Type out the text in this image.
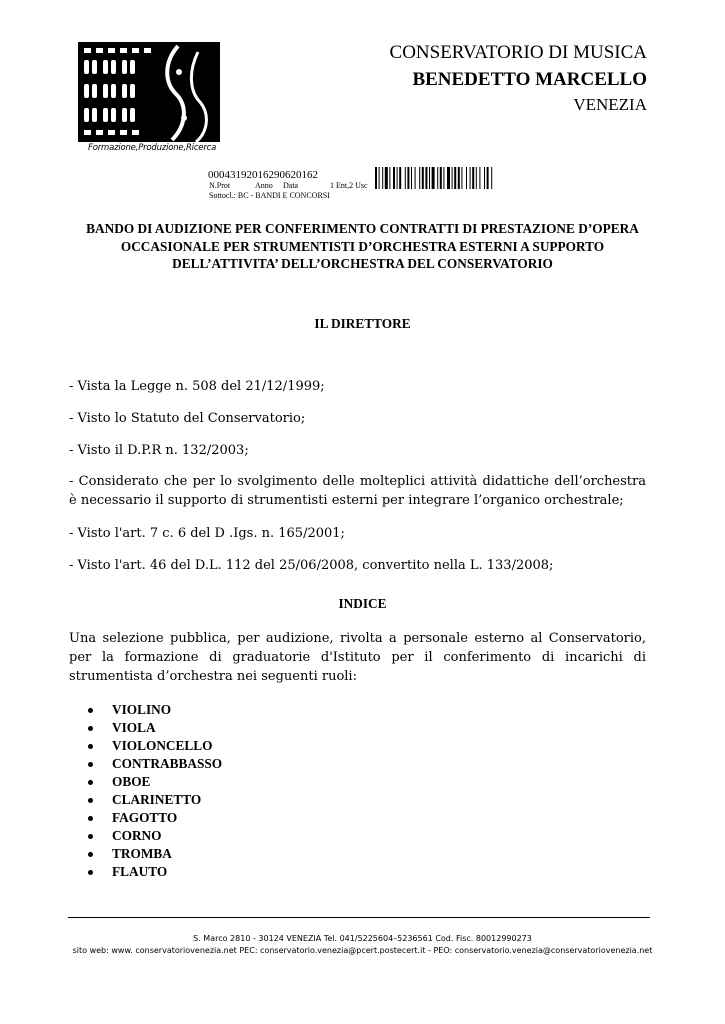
Formazione,Produzione,Ricerca
CONSERVATORIO DI MUSICA
BENEDETTO MARCELLO
VENEZIA
0004319201629062016​2
N.Prot	Anno Data	1 Ent,2 Usc
Sottocl.: BC - BANDI E CONCORSI
BANDO DI AUDIZIONE PER CONFERIMENTO CONTRATTI DI PRESTAZIONE D’OPERA
OCCASIONALE PER STRUMENTISTI D’ORCHESTRA ESTERNI A SUPPORTO
DELL’ATTIVITA’ DELL’ORCHESTRA DEL CONSERVATORIO
IL DIRETTORE
- Vista la Legge n. 508 del 21/12/1999;
- Visto lo Statuto del Conservatorio;
- Visto il D.P.R n. 132/2003;
- Considerato che per lo svolgimento delle molteplici attività didattiche dell’orchestra è necessario il supporto di strumentisti esterni per integrare l’organico orchestrale;
- Visto l'art. 7 c. 6 del D .Igs. n. 165/2001;
- Visto l'art. 46 del D.L. 112 del 25/06/2008, convertito nella L. 133/2008;
INDICE
Una selezione pubblica, per audizione, rivolta a personale esterno al Conservatorio, per la formazione di graduatorie d'Istituto per il conferimento di incarichi di strumentista d’orchestra nei seguenti ruoli:
VIOLINO
VIOLA
VIOLONCELLO
CONTRABBASSO
OBOE
CLARINETTO
FAGOTTO
CORNO
TROMBA
FLAUTO
S. Marco 2810 - 30124 VENEZIA Tel. 041/5225604–5236561 Cod. Fisc. 80012990273
sito web: www. conservatoriovenezia.net PEC: conservatorio.venezia@pcert.postecert.it - PEO: conservatorio.venezia@conservatoriovenezia.net
